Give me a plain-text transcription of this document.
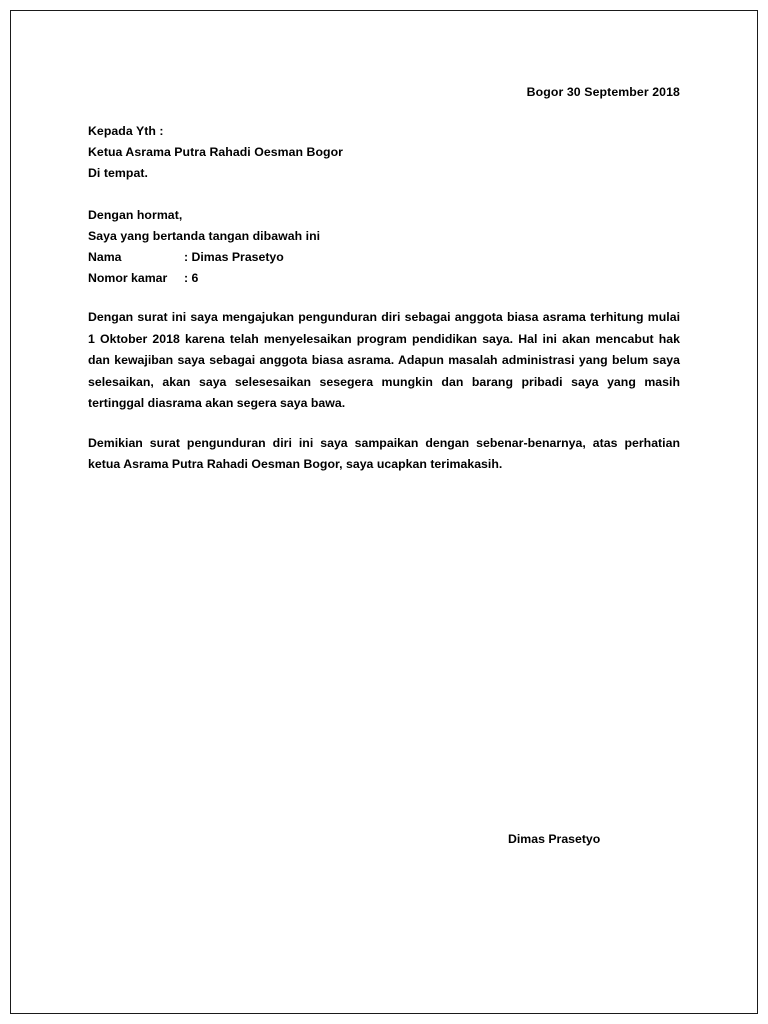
Bogor 30 September 2018
Kepada Yth :
Ketua Asrama Putra Rahadi Oesman Bogor
Di tempat.
Dengan hormat,
Saya yang bertanda tangan dibawah ini
Nama	: Dimas Prasetyo
Nomor kamar	: 6
Dengan surat ini saya mengajukan pengunduran diri sebagai anggota biasa asrama terhitung mulai 1 Oktober 2018 karena telah menyelesaikan program pendidikan saya. Hal ini akan mencabut hak dan kewajiban saya sebagai anggota biasa asrama. Adapun masalah administrasi yang belum saya selesaikan, akan saya selesesaikan sesegera mungkin dan barang pribadi saya yang masih tertinggal diasrama akan segera saya bawa.
Demikian surat pengunduran diri ini saya sampaikan dengan sebenar-benarnya, atas perhatian ketua Asrama Putra Rahadi Oesman Bogor, saya ucapkan terimakasih.
Dimas Prasetyo
